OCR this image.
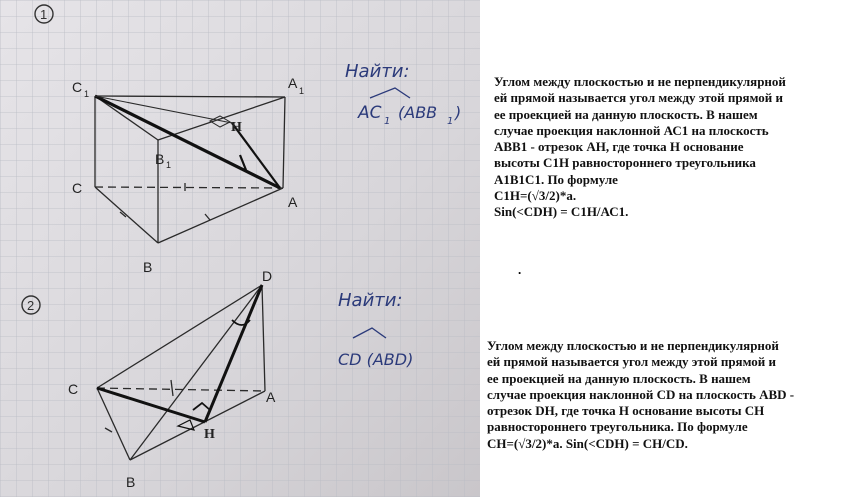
1
C 1
A 1
B 1
C
B
A
H
Найти:
AC 1 (ABB 1 )
2
D
C	A
B
H
Найти:
CD (ABD)
Углом между плоскостью и не перпендикулярной
ей прямой называется угол между этой прямой и
ее проекцией на данную плоскость. В нашем
случае проекция наклонной АС1 на плоскость
АВВ1 - отрезок АН, где точка Н основание
высоты С1Н равностороннего треугольника
А1В1С1. По формуле
С1Н=(√3/2)*а.
Sin(<CDH) = С1Н/АС1.
.
Углом между плоскостью и не перпендикулярной
ей прямой называется угол между этой прямой и
ее проекцией на данную плоскость. В нашем
случае проекция наклонной CD на плоскость ABD -
отрезок DH, где точка Н основание высоты CH
равностороннего треугольника. По формуле
CH=(√3/2)*a. Sin(<CDH) = CH/CD.
